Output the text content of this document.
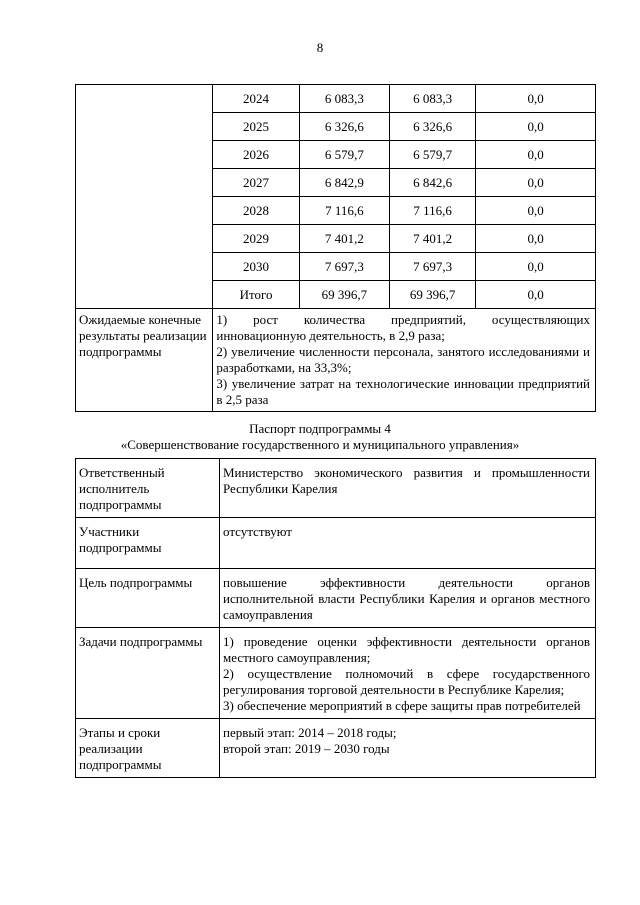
8
	2024	6 083,3	6 083,3	0,0
	2025	6 326,6	6 326,6	0,0
	2026	6 579,7	6 579,7	0,0
	2027	6 842,9	6 842,6	0,0
	2028	7 116,6	7 116,6	0,0
	2029	7 401,2	7 401,2	0,0
	2030	7 697,3	7 697,3	0,0
	Итого	69 396,7	69 396,7	0,0
Ожидаемые конечные результаты реализации подпрограммы	1) рост количества предприятий, осуществляющих инновационную деятельность, в 2,9 раза;
2) увеличение численности персонала, занятого исследованиями и разработками, на 33,3%;
3) увеличение затрат на технологические инновации предприятий в 2,5 раза			
Паспорт подпрограммы 4
«Совершенствование государственного и муниципального управления»
Ответственный исполнитель подпрограммы	Министерство экономического развития и промышленности Республики Карелия
Участники подпрограммы	отсутствуют
Цель подпрограммы	повышение эффективности деятельности органов исполнительной власти Республики Карелия и органов местного самоуправления
Задачи подпрограммы	1) проведение оценки эффективности деятельности органов местного самоуправления;
2) осуществление полномочий в сфере государственного регулирования торговой деятельности в Республике Карелия;
3) обеспечение мероприятий в сфере защиты прав потребителей

Этапы и сроки реализации подпрограммы	первый этап: 2014 – 2018 годы;
второй этап: 2019 – 2030 годы
